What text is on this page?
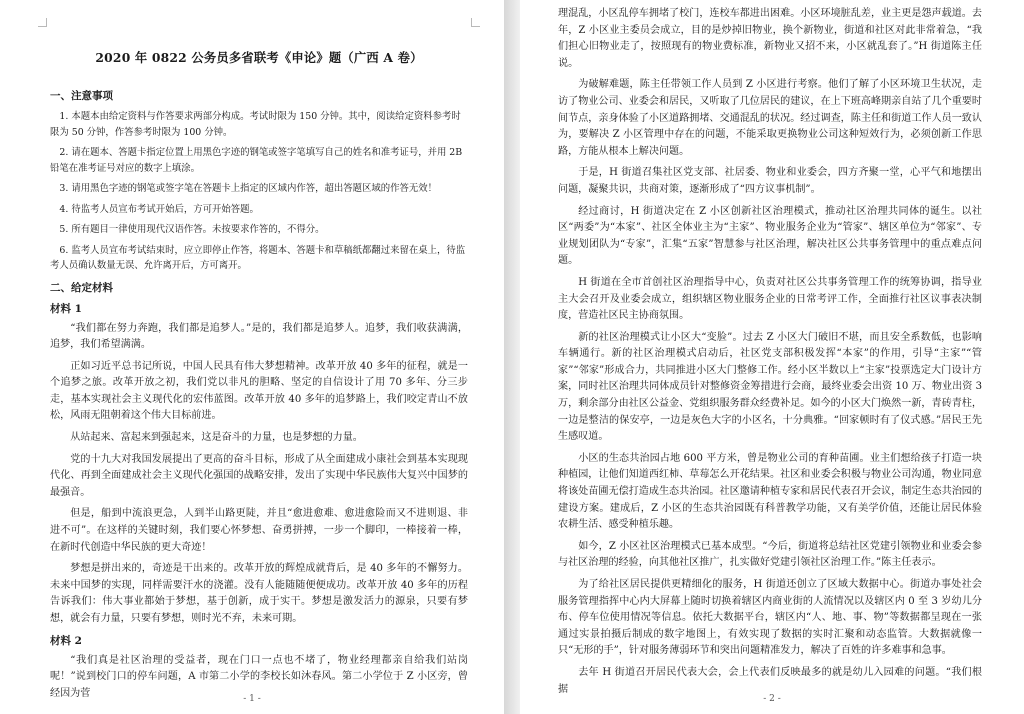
2020 年 0822 公务员多省联考《申论》题（广西 A 卷）
一、注意事项

1. 本题本由给定资料与作答要求两部分构成。考试时限为 150 分钟。其中，阅读给定资料参考时限为 50 分钟，作答参考时限为 100 分钟。

2. 请在题本、答题卡指定位置上用黑色字迹的钢笔或签字笔填写自己的姓名和准考证号，并用 2B 铅笔在准考证号对应的数字上填涂。

3. 请用黑色字迹的钢笔或签字笔在答题卡上指定的区域内作答，超出答题区域的作答无效！

4. 待监考人员宣布考试开始后，方可开始答题。

5. 所有题目一律使用现代汉语作答。未按要求作答的，不得分。

6. 监考人员宣布考试结束时，应立即停止作答，将题本、答题卡和草稿纸都翻过来留在桌上，待监考人员确认数量无误、允许离开后，方可离开。

二、给定材料
材料 1

“我们都在努力奔跑，我们都是追梦人。”是的，我们都是追梦人。追梦，我们收获满满，追梦，我们希望满满。

正如习近平总书记所说，中国人民具有伟大梦想精神。改革开放 40 多年的征程，就是一个追梦之旅。改革开放之初，我们党以非凡的胆略、坚定的自信设计了用 70 多年、分三步走，基本实现社会主义现代化的宏伟蓝图。改革开放 40 多年的追梦路上，我们咬定青山不放松，风雨无阻朝着这个伟大目标前进。

从站起来、富起来到强起来，这是奋斗的力量，也是梦想的力量。

党的十九大对我国发展提出了更高的奋斗目标，形成了从全面建成小康社会到基本实现现代化、再到全面建成社会主义现代化强国的战略安排，发出了实现中华民族伟大复兴中国梦的最强音。

但是，船到中流浪更急，人到半山路更陡，并且“愈进愈难、愈进愈险而又不进则退、非进不可”。在这样的关键时刻，我们要心怀梦想、奋勇拼搏，一步一个脚印，一棒接着一棒，在新时代创造中华民族的更大奇迹！

梦想是拼出来的，奇迹是干出来的。改革开放的辉煌成就背后，是 40 多年的不懈努力。未来中国梦的实现，同样需要汗水的浇灌。没有人能随随便便成功。改革开放 40 多年的历程告诉我们：伟大事业都始于梦想，基于创新，成于实干。梦想是激发活力的源泉，只要有梦想，就会有力量，只要有梦想，则时光不弃，未来可期。

材料 2

“我们真是社区治理的受益者，现在门口一点也不堵了，物业经理都亲自给我们站岗呢！”说到校门口的停车问题，A 市第二小学的李校长如沐春风。第二小学位于 Z 小区旁，曾经因为菅

- 1 -

理混乱，小区乱停车拥堵了校门，连校车都进出困难。小区环境脏乱差，业主更是怨声载道。去年，Z 小区业主委员会成立，目的是炒掉旧物业，换个新物业，街道和社区对此非常着急，“我们担心旧物业走了，按照现有的物业费标准，新物业又招不来，小区就乱套了。”H 街道陈主任说。

为破解难题，陈主任带领工作人员到 Z 小区进行考察。他们了解了小区环境卫生状况，走访了物业公司、业委会和居民，又听取了几位居民的建议，在上下班高峰期亲自站了几个重要时间节点，亲身体验了小区道路拥堵、交通混乱的状况。经过调查，陈主任和街道工作人员一致认为，要解决 Z 小区管理中存在的问题，不能采取更换物业公司这种短效行为，必须创新工作思路，方能从根本上解决问题。

于是，H 街道召集社区党支部、社居委、物业和业委会，四方齐聚一堂，心平气和地摆出问题，凝聚共识，共商对策，逐渐形成了“四方议事机制”。

经过商讨，H 街道决定在 Z 小区创新社区治理模式，推动社区治理共同体的诞生。以社区“两委”为“本家”、社区全体业主为“主家”、物业服务企业为“管家”、辖区单位为“邻家”、专业规划团队为“专家”，汇集“五家”智慧参与社区治理，解决社区公共事务管理中的重点难点问题。

H 街道在全市首创社区治理指导中心，负责对社区公共事务管理工作的统筹协调，指导业主大会召开及业委会成立，组织辖区物业服务企业的日常考评工作，全面推行社区议事表决制度，营造社区民主协商氛围。

新的社区治理模式让小区大“变脸”。过去 Z 小区大门破旧不堪，而且安全系数低，也影响车辆通行。新的社区治理模式启动后，社区党支部积极发挥“本家”的作用，引导“主家”“管家”“邻家”形成合力，共同推进小区大门整修工作。经小区半数以上“主家”投票选定大门设计方案，同时社区治理共同体成员针对整修资金筹措进行会商，最终业委会出资 10 万、物业出资 3 万，剩余部分由社区公益金、党组织服务群众经费补足。如今的小区大门焕然一新，青砖青柱，一边是整洁的保安亭，一边是灰色大字的小区名，十分典雅。“回家顿时有了仪式感。”居民王先生感叹道。

小区的生态共治园占地 600 平方米，曾是物业公司的育种苗圃。业主们想给孩子打造一块种植园，让他们知道西红柿、草莓怎么开花结果。社区和业委会积极与物业公司沟通，物业同意将该处苗圃无偿打造成生态共治园。社区邀请种植专家和居民代表召开会议，制定生态共治园的建设方案。建成后，Z 小区的生态共治园既有科普教学功能，又有美学价值，还能让居民体验农耕生活、感受种植乐趣。

如今，Z 小区社区治理模式已基本成型。“今后，街道将总结社区党建引领物业和业委会参与社区治理的经验，向其他社区推广，扎实做好党建引领社区治理工作。”陈主任表示。

为了给社区居民提供更精细化的服务，H 街道还创立了区域大数据中心。街道办事处社会服务管理指挥中心内大屏幕上随时切换着辖区内商业街的人流情况以及辖区内 0 至 3 岁幼儿分布、停车位使用情况等信息。依托大数据平台，辖区内“人、地、事、物”等数据都呈现在一张通过实景拍摄后制成的数字地图上，有效实现了数据的实时汇聚和动态监管。大数据就像一只“无形的手”，针对服务薄弱环节和突出问题精准发力，解决了百姓的许多难事和急事。

去年 H 街道召开居民代表大会，会上代表们反映最多的就是幼儿入园难的问题。“我们根据

- 2 -
